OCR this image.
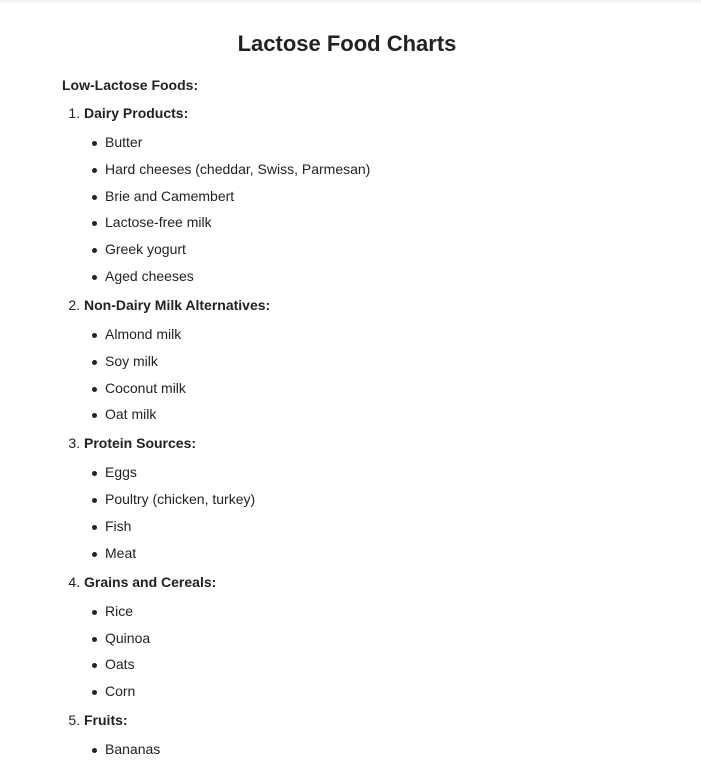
Lactose Food Charts
Low-Lactose Foods:
1. Dairy Products:
Butter
Hard cheeses (cheddar, Swiss, Parmesan)
Brie and Camembert
Lactose-free milk
Greek yogurt
Aged cheeses
2. Non-Dairy Milk Alternatives:
Almond milk
Soy milk
Coconut milk
Oat milk
3. Protein Sources:
Eggs
Poultry (chicken, turkey)
Fish
Meat
4. Grains and Cereals:
Rice
Quinoa
Oats
Corn
5. Fruits:
Bananas
